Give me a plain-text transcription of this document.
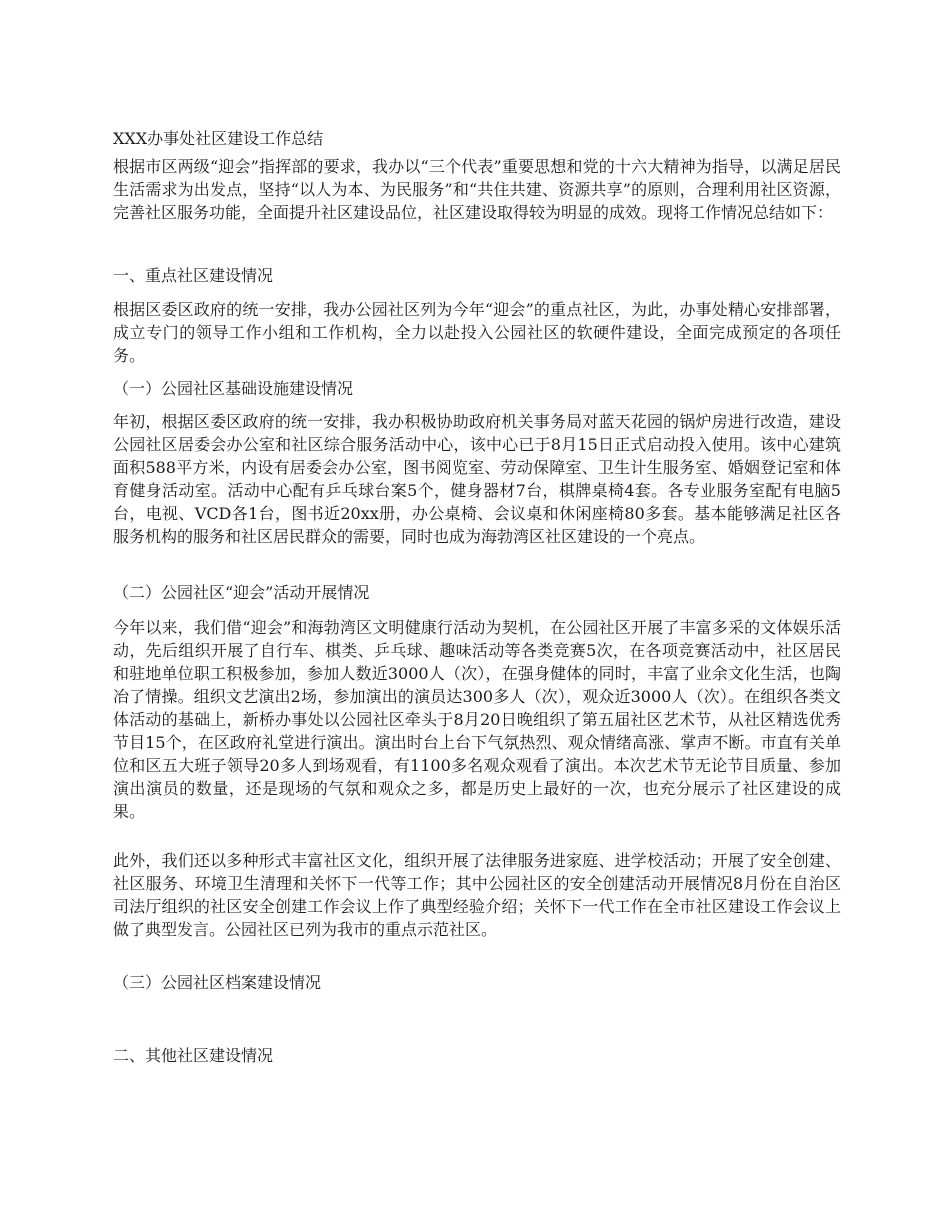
XXX办事处社区建设工作总结
根据市区两级“迎会”指挥部的要求，我办以“三个代表”重要思想和党的十六大精神为指导，以满足居民生活需求为出发点，坚持“以人为本、为民服务”和“共住共建、资源共享”的原则，合理利用社区资源，完善社区服务功能，全面提升社区建设品位，社区建设取得较为明显的成效。现将工作情况总结如下：
一、重点社区建设情况
根据区委区政府的统一安排，我办公园社区列为今年“迎会”的重点社区，为此，办事处精心安排部署，成立专门的领导工作小组和工作机构，全力以赴投入公园社区的软硬件建设，全面完成预定的各项任务。
（一）公园社区基础设施建设情况
年初，根据区委区政府的统一安排，我办积极协助政府机关事务局对蓝天花园的锅炉房进行改造，建设公园社区居委会办公室和社区综合服务活动中心，该中心已于8月15日正式启动投入使用。该中心建筑面积588平方米，内设有居委会办公室，图书阅览室、劳动保障室、卫生计生服务室、婚姻登记室和体育健身活动室。活动中心配有乒乓球台案5个，健身器材7台，棋牌桌椅4套。各专业服务室配有电脑5台，电视、VCD各1台，图书近20xx册，办公桌椅、会议桌和休闲座椅80多套。基本能够满足社区各服务机构的服务和社区居民群众的需要，同时也成为海勃湾区社区建设的一个亮点。
（二）公园社区“迎会”活动开展情况
今年以来，我们借“迎会”和海勃湾区文明健康行活动为契机，在公园社区开展了丰富多采的文体娱乐活动，先后组织开展了自行车、棋类、乒乓球、趣味活动等各类竞赛5次，在各项竞赛活动中，社区居民和驻地单位职工积极参加，参加人数近3000人（次），在强身健体的同时，丰富了业余文化生活，也陶冶了情操。组织文艺演出2场，参加演出的演员达300多人（次），观众近3000人（次）。在组织各类文体活动的基础上，新桥办事处以公园社区牵头于8月20日晚组织了第五届社区艺术节，从社区精选优秀节目15个，在区政府礼堂进行演出。演出时台上台下气氛热烈、观众情绪高涨、掌声不断。市直有关单位和区五大班子领导20多人到场观看，有1100多名观众观看了演出。本次艺术节无论节目质量、参加演出演员的数量，还是现场的气氛和观众之多，都是历史上最好的一次，也充分展示了社区建设的成果。
此外，我们还以多种形式丰富社区文化，组织开展了法律服务进家庭、进学校活动；开展了安全创建、社区服务、环境卫生清理和关怀下一代等工作；其中公园社区的安全创建活动开展情况8月份在自治区司法厅组织的社区安全创建工作会议上作了典型经验介绍；关怀下一代工作在全市社区建设工作会议上做了典型发言。公园社区已列为我市的重点示范社区。
（三）公园社区档案建设情况
二、其他社区建设情况
